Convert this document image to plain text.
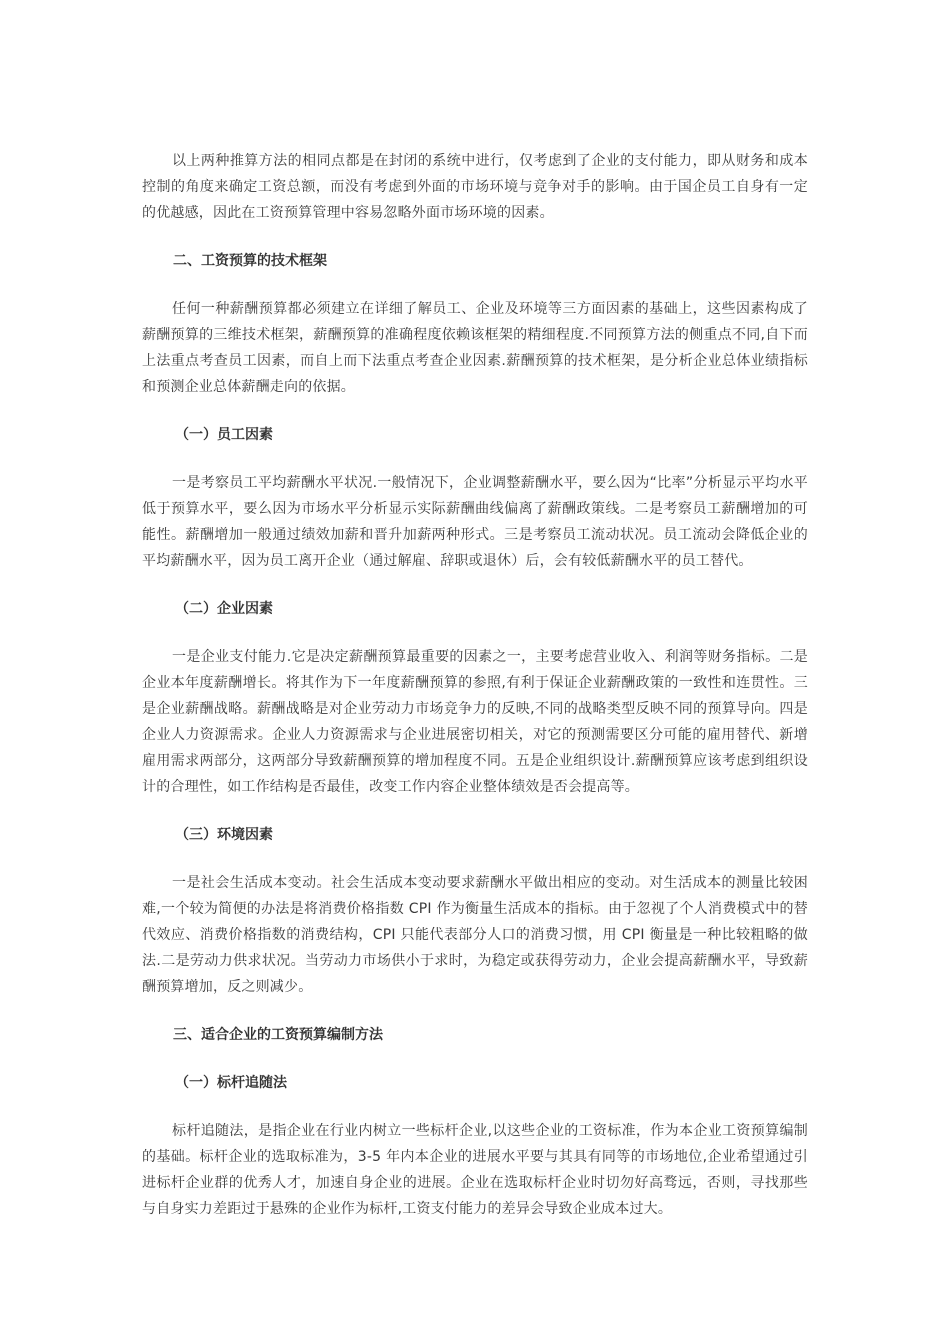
以上两种推算方法的相同点都是在封闭的系统中进行，仅考虑到了企业的支付能力，即从财务和成本控制的角度来确定工资总额，而没有考虑到外面的市场环境与竞争对手的影响。由于国企员工自身有一定的优越感，因此在工资预算管理中容易忽略外面市场环境的因素。

二、工资预算的技术框架

任何一种薪酬预算都必须建立在详细了解员工、企业及环境等三方面因素的基础上，这些因素构成了薪酬预算的三维技术框架，薪酬预算的准确程度依赖该框架的精细程度.不同预算方法的侧重点不同,自下而上法重点考查员工因素，而自上而下法重点考查企业因素.薪酬预算的技术框架，是分析企业总体业绩指标和预测企业总体薪酬走向的依据。

（一）员工因素

一是考察员工平均薪酬水平状况.一般情况下，企业调整薪酬水平，要么因为“比率”分析显示平均水平低于预算水平，要么因为市场水平分析显示实际薪酬曲线偏离了薪酬政策线。二是考察员工薪酬增加的可能性。薪酬增加一般通过绩效加薪和晋升加薪两种形式。三是考察员工流动状况。员工流动会降低企业的平均薪酬水平，因为员工离开企业（通过解雇、辞职或退休）后，会有较低薪酬水平的员工替代。

（二）企业因素

一是企业支付能力.它是决定薪酬预算最重要的因素之一，主要考虑营业收入、利润等财务指标。二是企业本年度薪酬增长。将其作为下一年度薪酬预算的参照,有利于保证企业薪酬政策的一致性和连贯性。三是企业薪酬战略。薪酬战略是对企业劳动力市场竞争力的反映,不同的战略类型反映不同的预算导向。四是企业人力资源需求。企业人力资源需求与企业进展密切相关，对它的预测需要区分可能的雇用替代、新增雇用需求两部分，这两部分导致薪酬预算的增加程度不同。五是企业组织设计.薪酬预算应该考虑到组织设计的合理性，如工作结构是否最佳，改变工作内容企业整体绩效是否会提高等。

（三）环境因素

一是社会生活成本变动。社会生活成本变动要求薪酬水平做出相应的变动。对生活成本的测量比较困难,一个较为简便的办法是将消费价格指数 CPI 作为衡量生活成本的指标。由于忽视了个人消费模式中的替代效应、消费价格指数的消费结构，CPI 只能代表部分人口的消费习惯，用 CPI 衡量是一种比较粗略的做法.二是劳动力供求状况。当劳动力市场供小于求时，为稳定或获得劳动力，企业会提高薪酬水平，导致薪酬预算增加，反之则减少。

三、适合企业的工资预算编制方法

（一）标杆追随法

标杆追随法，是指企业在行业内树立一些标杆企业,以这些企业的工资标准，作为本企业工资预算编制的基础。标杆企业的选取标准为，3-5 年内本企业的进展水平要与其具有同等的市场地位,企业希望通过引进标杆企业群的优秀人才，加速自身企业的进展。企业在选取标杆企业时切勿好高骛远，否则，寻找那些与自身实力差距过于悬殊的企业作为标杆,工资支付能力的差异会导致企业成本过大。
